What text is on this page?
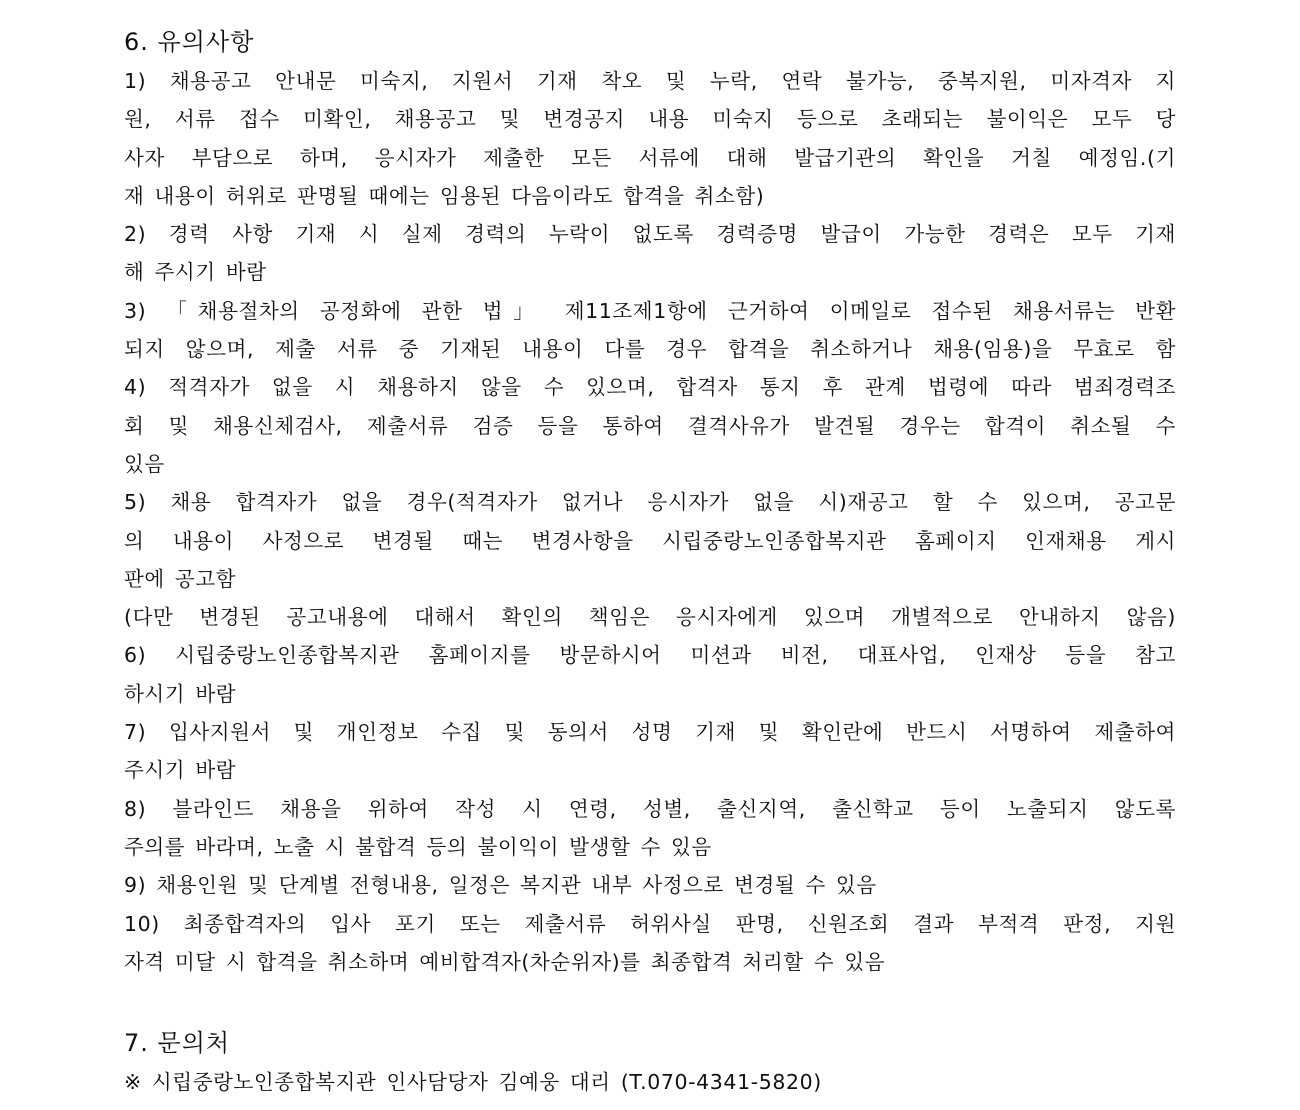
6. 유의사항

1) 채용공고 안내문 미숙지, 지원서 기재 착오 및 누락, 연락 불가능, 중복지원, 미자격자 지

원, 서류 접수 미확인, 채용공고 및 변경공지 내용 미숙지 등으로 초래되는 불이익은 모두 당

사자 부담으로 하며, 응시자가 제출한 모든 서류에 대해 발급기관의 확인을 거칠 예정임.(기

재 내용이 허위로 판명될 때에는 임용된 다음이라도 합격을 취소함)

2) 경력 사항 기재 시 실제 경력의 누락이 없도록 경력증명 발급이 가능한 경력은 모두 기재

해 주시기 바람

3) 「채용절차의 공정화에 관한 법」 제11조제1항에 근거하여 이메일로 접수된 채용서류는 반환

되지 않으며, 제출 서류 중 기재된 내용이 다를 경우 합격을 취소하거나 채용(임용)을 무효로 함

4) 적격자가 없을 시 채용하지 않을 수 있으며, 합격자 통지 후 관계 법령에 따라 범죄경력조

회 및 채용신체검사, 제출서류 검증 등을 통하여 결격사유가 발견될 경우는 합격이 취소될 수

있음

5) 채용 합격자가 없을 경우(적격자가 없거나 응시자가 없을 시)재공고 할 수 있으며, 공고문

의 내용이 사정으로 변경될 때는 변경사항을 시립중랑노인종합복지관 홈페이지 인재채용 게시

판에 공고함

(다만 변경된 공고내용에 대해서 확인의 책임은 응시자에게 있으며 개별적으로 안내하지 않음)

6) 시립중랑노인종합복지관 홈페이지를 방문하시어 미션과 비전, 대표사업, 인재상 등을 참고

하시기 바람

7) 입사지원서 및 개인정보 수집 및 동의서 성명 기재 및 확인란에 반드시 서명하여 제출하여

주시기 바람

8) 블라인드 채용을 위하여 작성 시 연령, 성별, 출신지역, 출신학교 등이 노출되지 않도록

주의를 바라며, 노출 시 불합격 등의 불이익이 발생할 수 있음

9) 채용인원 및 단계별 전형내용, 일정은 복지관 내부 사정으로 변경될 수 있음

10) 최종합격자의 입사 포기 또는 제출서류 허위사실 판명, 신원조회 결과 부적격 판정, 지원

자격 미달 시 합격을 취소하며 예비합격자(차순위자)를 최종합격 처리할 수 있음

7. 문의처

※ 시립중랑노인종합복지관 인사담당자 김예웅 대리 (T.070-4341-5820)
